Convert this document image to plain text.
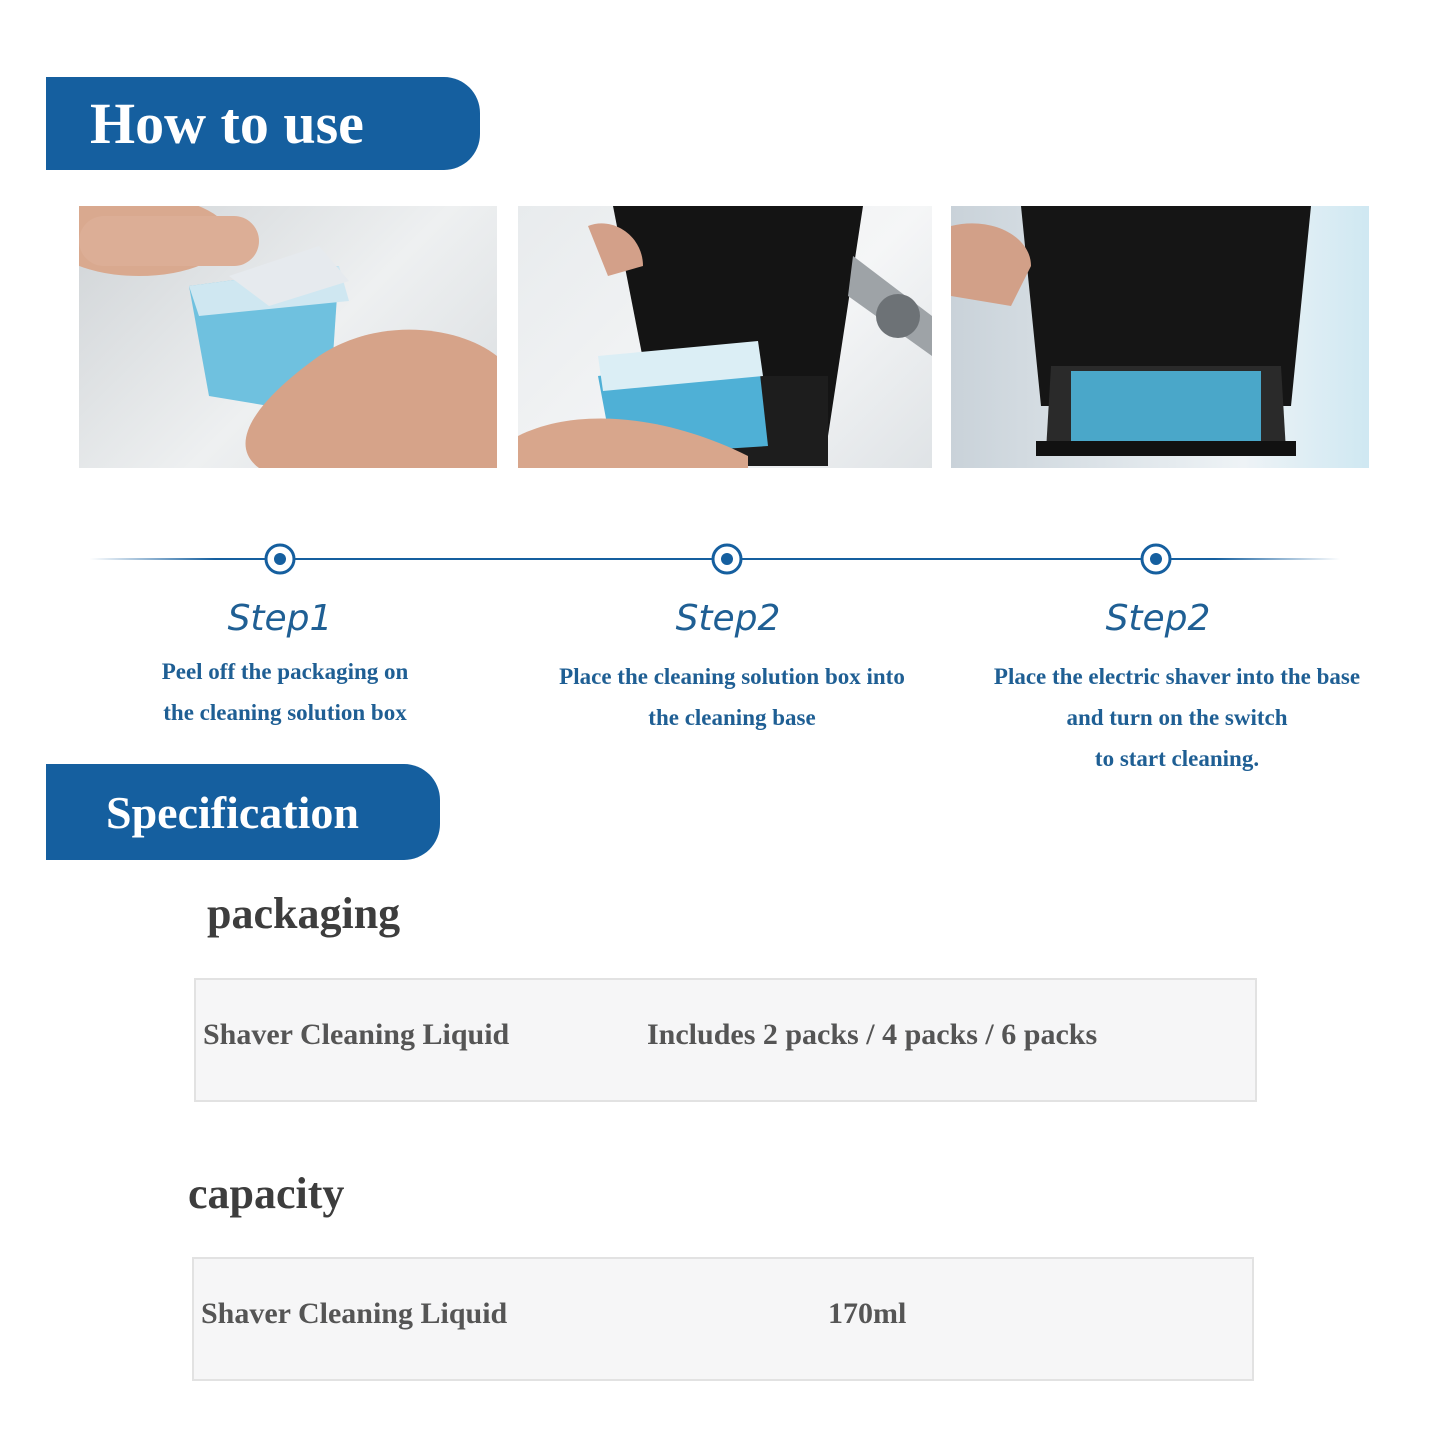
How to use
Step1
Peel off the packaging on
the cleaning solution box
Step2
Place the cleaning solution box into
the cleaning base
Step2
Place the electric shaver into the base
and turn on the switch
to start cleaning.
Specification
packaging
Shaver Cleaning Liquid	Includes 2 packs / 4 packs / 6 packs
capacity
Shaver Cleaning Liquid	170ml
